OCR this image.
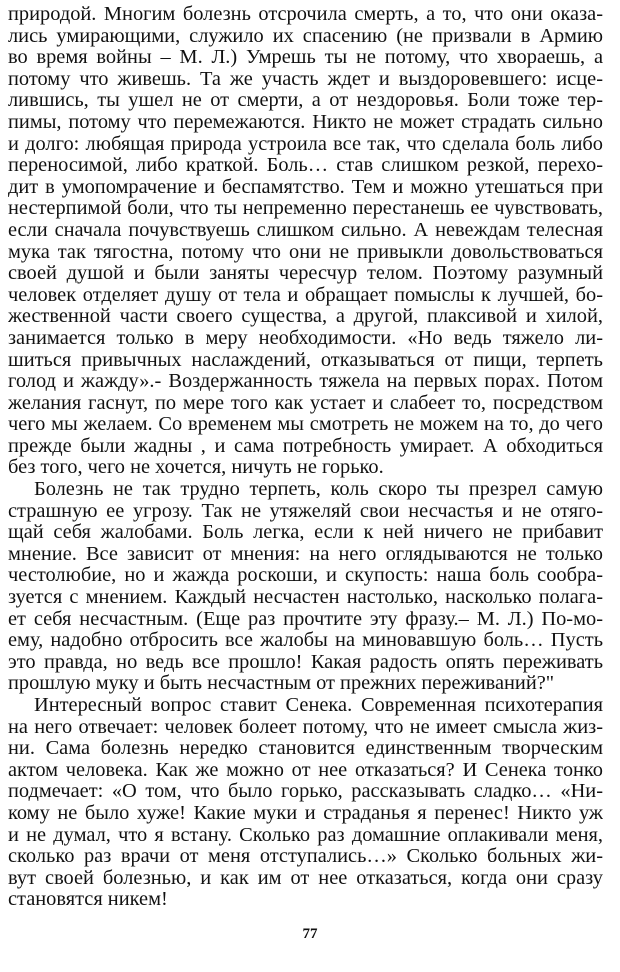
природой. Многим болезнь отсрочила смерть, а то, что они оказа-
лись умирающими, служило их спасению (не призвали в Армию
во время войны – М. Л.) Умрешь ты не потому, что хвораешь, а
потому что живешь. Та же участь ждет и выздоровевшего: исце-
лившись, ты ушел не от смерти, а от нездоровья. Боли тоже тер-
пимы, потому что перемежаются. Никто не может страдать сильно
и долго: любящая природа устроила все так, что сделала боль либо
переносимой, либо краткой. Боль… став слишком резкой, перехо-
дит в умопомрачение и беспамятство. Тем и можно утешаться при
нестерпимой боли, что ты непременно перестанешь ее чувствовать,
если сначала почувствуешь слишком сильно. А невеждам телесная
мука так тягостна, потому что они не привыкли довольствоваться
своей душой и были заняты чересчур телом. Поэтому разумный
человек отделяет душу от тела и обращает помыслы к лучшей, бо-
жественной части своего существа, а другой, плаксивой и хилой,
занимается только в меру необходимости. «Но ведь тяжело ли-
шиться привычных наслаждений, отказываться от пищи, терпеть
голод и жажду».- Воздержанность тяжела на первых порах. Потом
желания гаснут, по мере того как устает и слабеет то, посредством
чего мы желаем. Со временем мы смотреть не можем на то, до чего
прежде были жадны , и сама потребность умирает. А обходиться
без того, чего не хочется, ничуть не горько.
Болезнь не так трудно терпеть, коль скоро ты презрел самую
страшную ее угрозу. Так не утяжеляй свои несчастья и не отяго-
щай себя жалобами. Боль легка, если к ней ничего не прибавит
мнение. Все зависит от мнения: на него оглядываются не только
честолюбие, но и жажда роскоши, и скупость: наша боль сообра-
зуется с мнением. Каждый несчастен настолько, насколько полага-
ет себя несчастным. (Еще раз прочтите эту фразу.– М. Л.) По-мо-
ему, надобно отбросить все жалобы на миновавшую боль… Пусть
это правда, но ведь все прошло! Какая радость опять переживать
прошлую муку и быть несчастным от прежних переживаний?"
Интересный вопрос ставит Сенека. Современная психотерапия
на него отвечает: человек болеет потому, что не имеет смысла жиз-
ни. Сама болезнь нередко становится единственным творческим
актом человека. Как же можно от нее отказаться? И Сенека тонко
подмечает: «О том, что было горько, рассказывать сладко… «Ни-
кому не было хуже! Какие муки и страданья я перенес! Никто уж
и не думал, что я встану. Сколько раз домашние оплакивали меня,
сколько раз врачи от меня отступались…» Сколько больных жи-
вут своей болезнью, и как им от нее отказаться, когда они сразу
становятся никем!
77
